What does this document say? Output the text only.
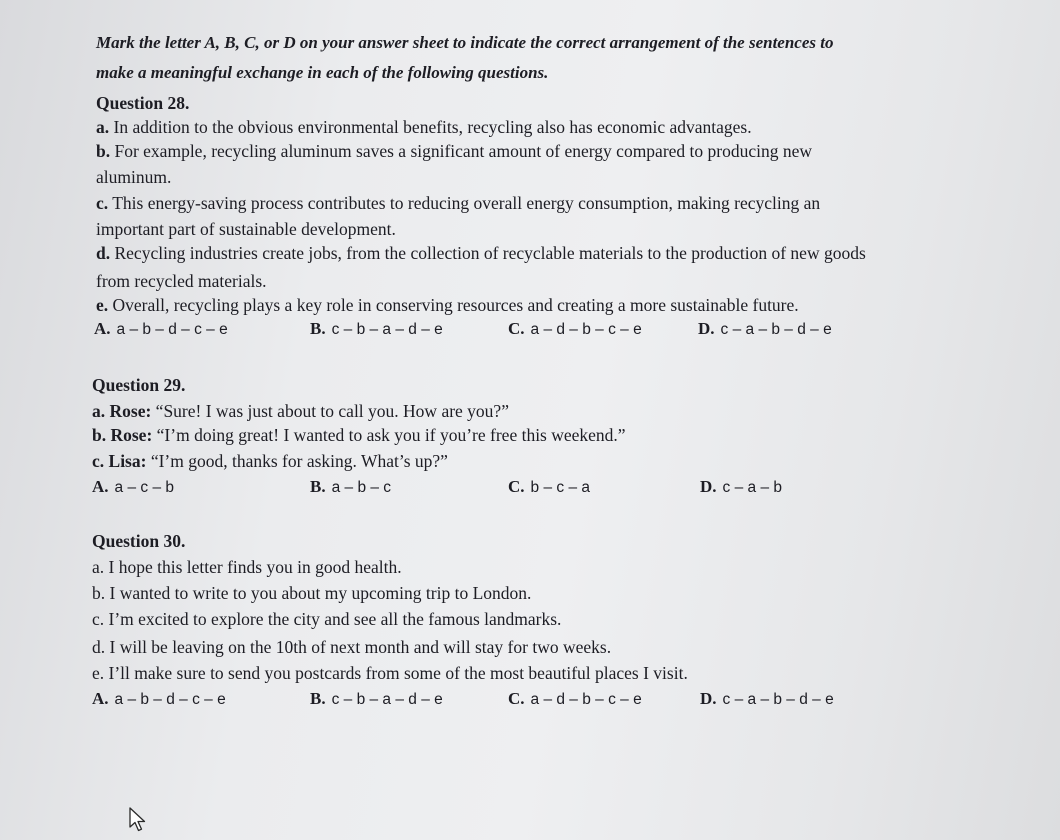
Mark the letter A, B, C, or D on your answer sheet to indicate the correct arrangement of the sentences to
make a meaningful exchange in each of the following questions.
Question 28.
a. In addition to the obvious environmental benefits, recycling also has economic advantages.
b. For example, recycling aluminum saves a significant amount of energy compared to producing new
aluminum.
c. This energy-saving process contributes to reducing overall energy consumption, making recycling an
important part of sustainable development.
d. Recycling industries create jobs, from the collection of recyclable materials to the production of new goods
from recycled materials.
e. Overall, recycling plays a key role in conserving resources and creating a more sustainable future.
A. a – b – d – c – e	B. c – b – a – d – e	C. a – d – b – c – e	D. c – a – b – d – e
Question 29.
a. Rose: “Sure! I was just about to call you. How are you?”
b. Rose: “I’m doing great! I wanted to ask you if you’re free this weekend.”
c. Lisa: “I’m good, thanks for asking. What’s up?”
A. a – c – b	B. a – b – c	C. b – c – a	D. c – a – b
Question 30.
a. I hope this letter finds you in good health.
b. I wanted to write to you about my upcoming trip to London.
c. I’m excited to explore the city and see all the famous landmarks.
d. I will be leaving on the 10th of next month and will stay for two weeks.
e. I’ll make sure to send you postcards from some of the most beautiful places I visit.
A. a – b – d – c – e	B. c – b – a – d – e	C. a – d – b – c – e	D. c – a – b – d – e
